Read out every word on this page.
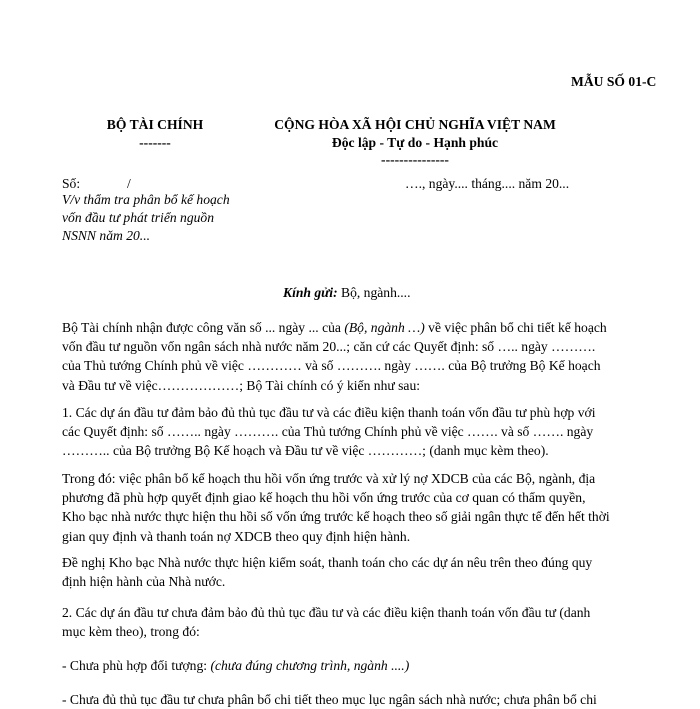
MẪU SỐ 01-C
BỘ TÀI CHÍNH
-------
CỘNG HÒA XÃ HỘI CHỦ NGHĨA VIỆT NAM
Độc lập - Tự do - Hạnh phúc
---------------
Số:	/	…., ngày.... tháng.... năm 20...
V/v thẩm tra phân bổ kế hoạch
vốn đầu tư phát triển nguồn
NSNN năm 20...
Kính gửi: Bộ, ngành....
Bộ Tài chính nhận được công văn số ... ngày ... của (Bộ, ngành …) về việc phân bổ chi tiết kế hoạch
vốn đầu tư nguồn vốn ngân sách nhà nước năm 20...; căn cứ các Quyết định: số ….. ngày ……….
của Thủ tướng Chính phủ về việc ………… và số ………. ngày ……. của Bộ trưởng Bộ Kế hoạch
và Đầu tư về việc………………; Bộ Tài chính có ý kiến như sau:
1. Các dự án đầu tư đảm bảo đủ thủ tục đầu tư và các điều kiện thanh toán vốn đầu tư phù hợp với
các Quyết định: số …….. ngày ………. của Thủ tướng Chính phủ về việc ……. và số ……. ngày
……….. của Bộ trưởng Bộ Kế hoạch và Đầu tư về việc …………; (danh mục kèm theo).
Trong đó: việc phân bổ kế hoạch thu hồi vốn ứng trước và xử lý nợ XDCB của các Bộ, ngành, địa
phương đã phù hợp quyết định giao kế hoạch thu hồi vốn ứng trước của cơ quan có thẩm quyền,
Kho bạc nhà nước thực hiện thu hồi số vốn ứng trước kế hoạch theo số giải ngân thực tế đến hết thời
gian quy định và thanh toán nợ XDCB theo quy định hiện hành.
Đề nghị Kho bạc Nhà nước thực hiện kiểm soát, thanh toán cho các dự án nêu trên theo đúng quy
định hiện hành của Nhà nước.
2. Các dự án đầu tư chưa đảm bảo đủ thủ tục đầu tư và các điều kiện thanh toán vốn đầu tư (danh
mục kèm theo), trong đó:
- Chưa phù hợp đối tượng: (chưa đúng chương trình, ngành ....)
- Chưa đủ thủ tục đầu tư chưa phân bổ chi tiết theo mục lục ngân sách nhà nước; chưa phân bổ chi
